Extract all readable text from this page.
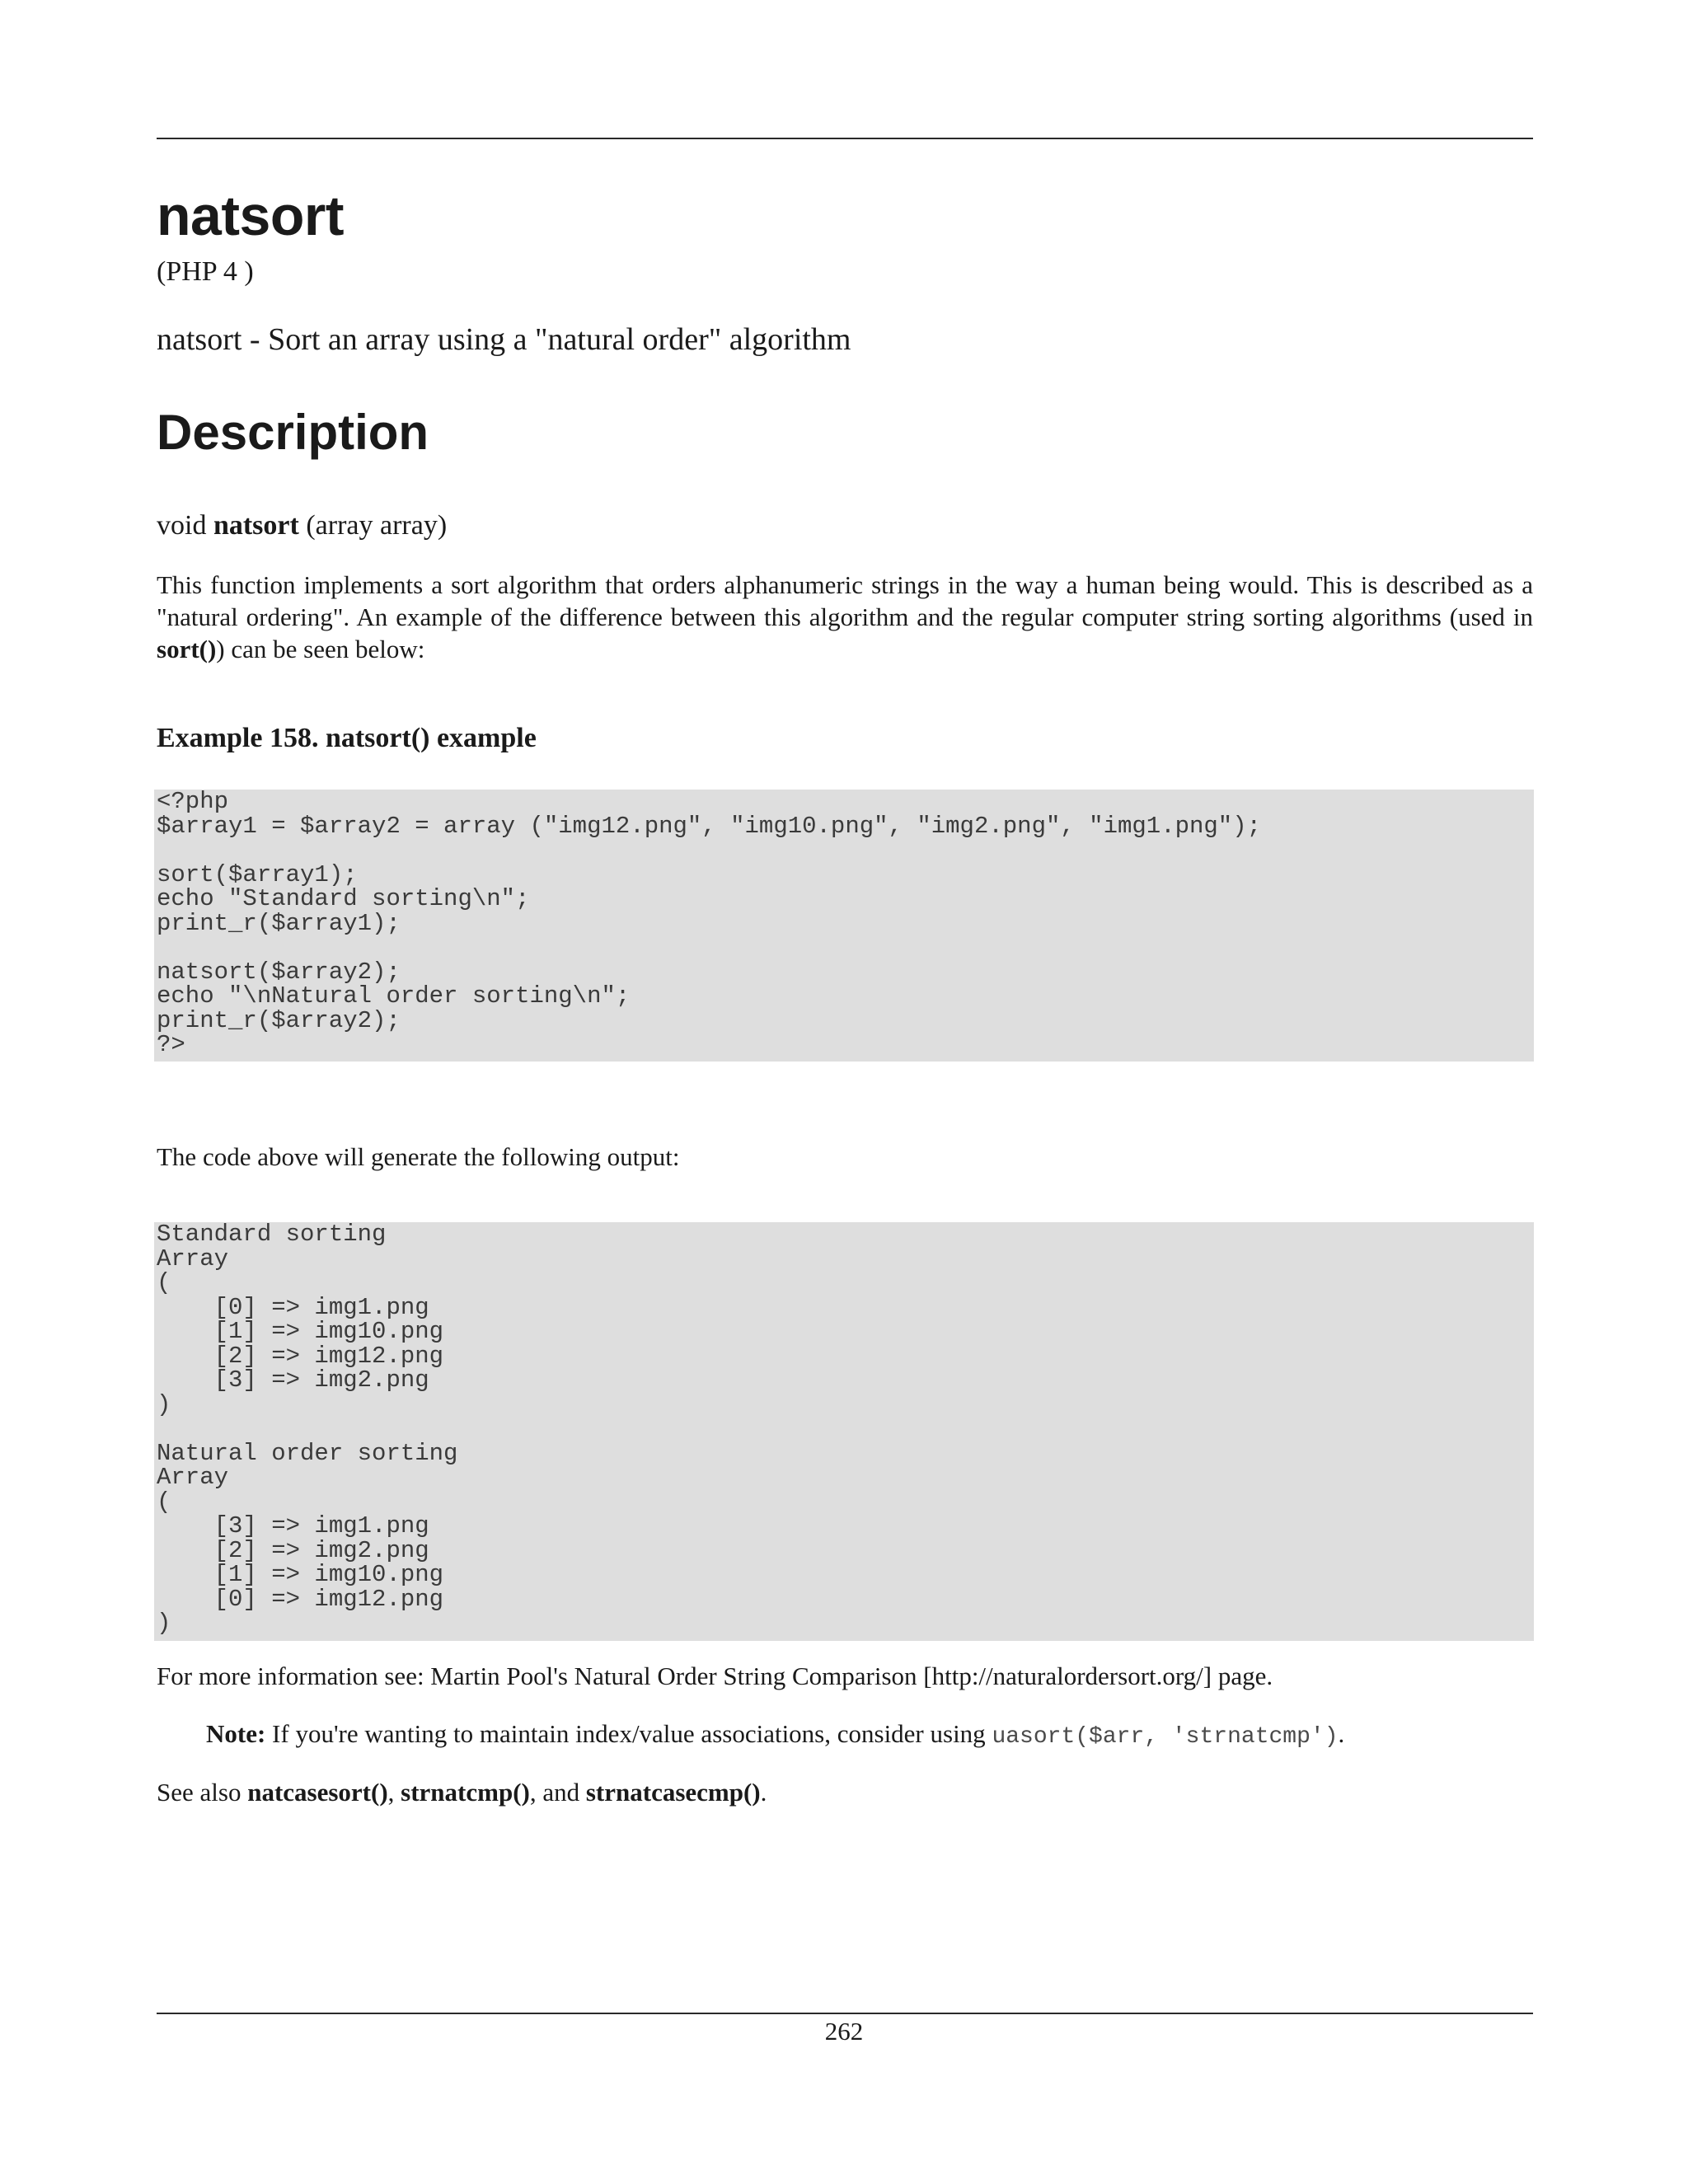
natsort
(PHP 4 )
natsort - Sort an array using a "natural order" algorithm
Description
void natsort (array array)

This function implements a sort algorithm that orders alphanumeric strings in the way a human being would. This is described as a "natural ordering". An example of the difference between this algorithm and the regular computer string sorting algorithms (used in sort()) can be seen below:

Example 158. natsort() example
<?php
$array1 = $array2 = array ("img12.png", "img10.png", "img2.png", "img1.png");

sort($array1);
echo "Standard sorting\n";
print_r($array1);

natsort($array2);
echo "\nNatural order sorting\n";
print_r($array2);
?>
The code above will generate the following output:
Standard sorting
Array
(
[0] => img1.png
[1] => img10.png
[2] => img12.png
[3] => img2.png
)

Natural order sorting
Array
(
[3] => img1.png
[2] => img2.png
[1] => img10.png
[0] => img12.png
)
For more information see: Martin Pool's Natural Order String Comparison [http://naturalordersort.org/] page.
Note: If you're wanting to maintain index/value associations, consider using uasort($arr, 'strnatcmp').
See also natcasesort(), strnatcmp(), and strnatcasecmp().
262
